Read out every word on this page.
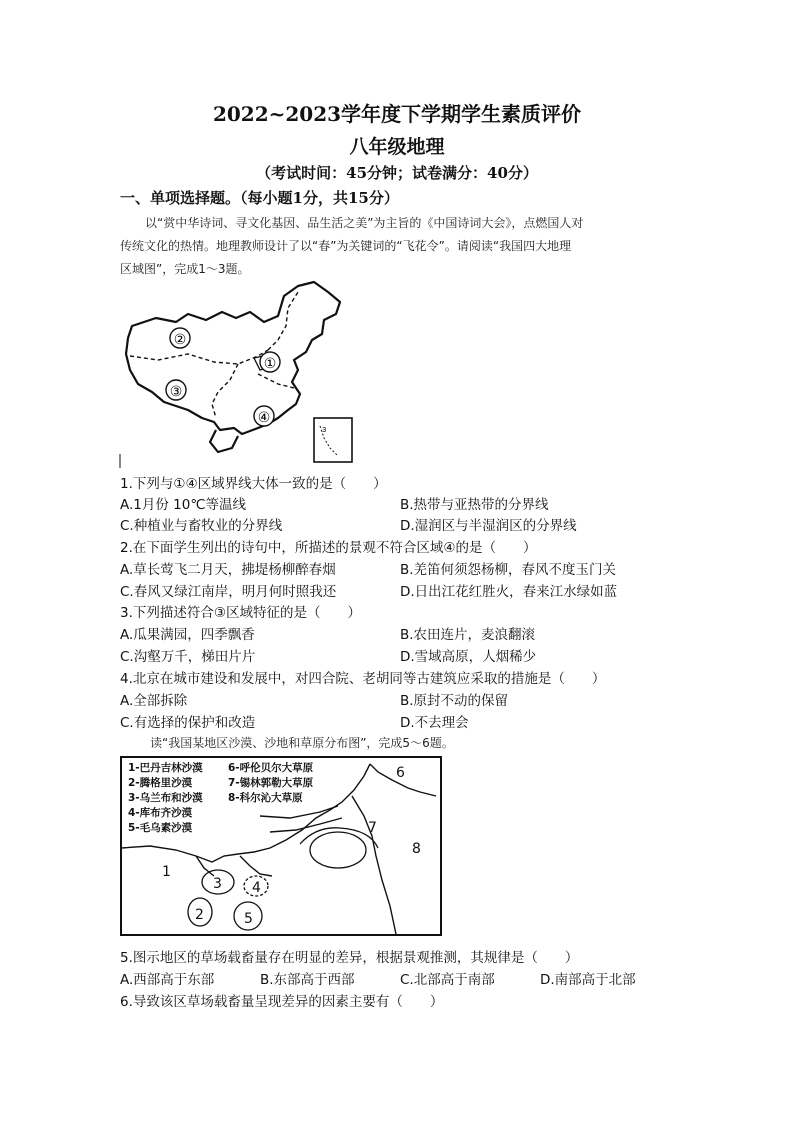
2022~2023学年度下学期学生素质评价
八年级地理
（考试时间：45分钟；试卷满分：40分）
一、单项选择题。（每小题1分，共15分）
以“赏中华诗词、寻文化基因、品生活之美”为主旨的《中国诗词大会》，点燃国人对
传统文化的热情。地理教师设计了以“春”为关键词的“飞花令”。请阅读“我国四大地理
区域图”，完成1～3题。
②
①
③
④
3
1.下列与①④区域界线大体一致的是（　　）
A.1月份 10℃等温线	B.热带与亚热带的分界线
C.种植业与畜牧业的分界线	D.湿润区与半湿润区的分界线
2.在下面学生列出的诗句中，所描述的景观不符合区域④的是（　　）
A.草长莺飞二月天，拂堤杨柳醉春烟	B.羌笛何须怨杨柳，春风不度玉门关
C.春风又绿江南岸，明月何时照我还	D.日出江花红胜火，春来江水绿如蓝
3.下列描述符合③区域特征的是（　　）
A.瓜果满园，四季飘香	B.农田连片，麦浪翻滚
C.沟壑万千，梯田片片	D.雪域高原，人烟稀少
4.北京在城市建设和发展中，对四合院、老胡同等古建筑应采取的措施是（　　）
A.全部拆除	B.原封不动的保留
C.有选择的保护和改造	D.不去理会
读“我国某地区沙漠、沙地和草原分布图”，完成5～6题。
1-巴丹吉林沙漠
2-腾格里沙漠
3-乌兰布和沙漠
4-库布齐沙漠
5-毛乌素沙漠
6-呼伦贝尔大草原
7-锡林郭勒大草原
8-科尔沁大草原
1
2
3 4
5
6
7
8
5.图示地区的草场载畜量存在明显的差异，根据景观推测，其规律是（　　）
A.西部高于东部	B.东部高于西部	C.北部高于南部	D.南部高于北部
6.导致该区草场载畜量呈现差异的因素主要有（　　）
